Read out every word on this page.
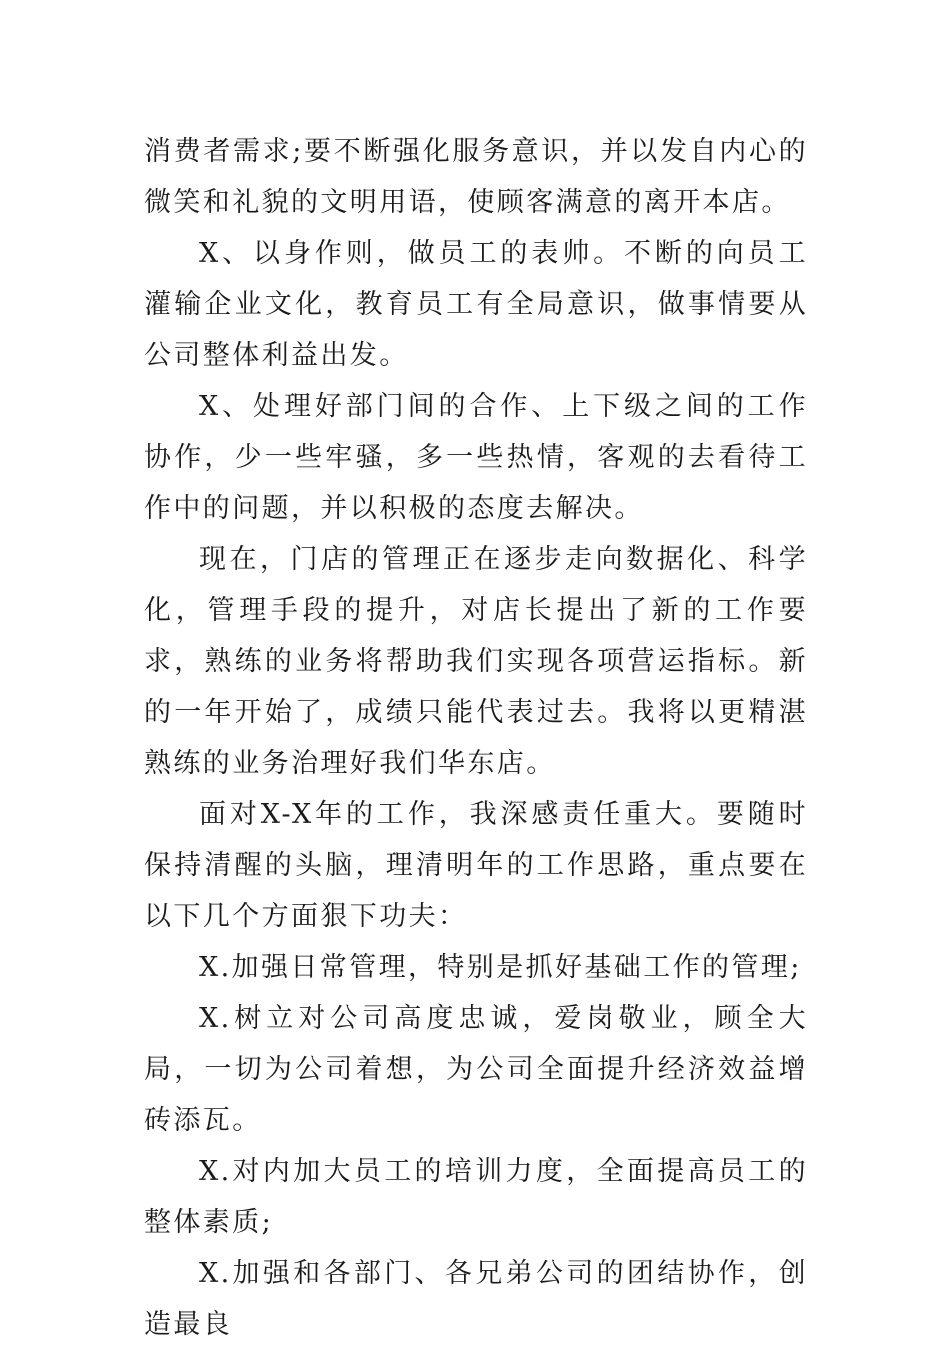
消费者需求;要不断强化服务意识，并以发自内心的微笑和礼貌的文明用语，使顾客满意的离开本店。

X、以身作则，做员工的表帅。不断的向员工灌输企业文化，教育员工有全局意识，做事情要从公司整体利益出发。

X、处理好部门间的合作、上下级之间的工作协作，少一些牢骚，多一些热情，客观的去看待工作中的问题，并以积极的态度去解决。

现在，门店的管理正在逐步走向数据化、科学化，管理手段的提升，对店长提出了新的工作要求，熟练的业务将帮助我们实现各项营运指标。新的一年开始了，成绩只能代表过去。我将以更精湛熟练的业务治理好我们华东店。

面对X-X年的工作，我深感责任重大。要随时保持清醒的头脑，理清明年的工作思路，重点要在以下几个方面狠下功夫：

X.加强日常管理，特别是抓好基础工作的管理;

X.树立对公司高度忠诚，爱岗敬业，顾全大局，一切为公司着想，为公司全面提升经济效益增砖添瓦。

X.对内加大员工的培训力度，全面提高员工的整体素质;

X.加强和各部门、各兄弟公司的团结协作，创造最良
